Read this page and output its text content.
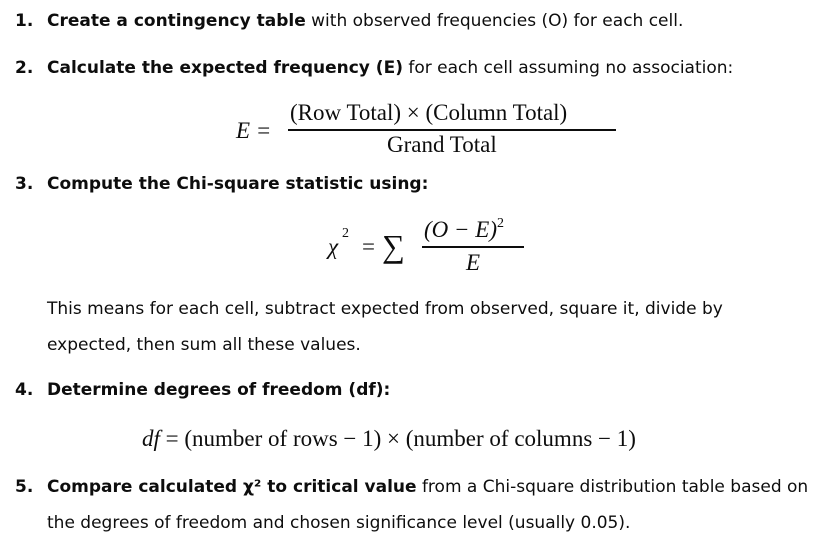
1. Create a contingency table with observed frequencies (O) for each cell.
2. Calculate the expected frequency (E) for each cell assuming no association:
E =
(Row Total) × (Column Total)
Grand Total
3. Compute the Chi-square statistic using:
χ
2
= ∑ $(O - E)^2$
E
This means for each cell, subtract expected from observed, square it, divide by
expected, then sum all these values.
4. Determine degrees of freedom (df):
df = (number of rows − 1) × (number of columns − 1)
5. Compare calculated χ² to critical value from a Chi-square distribution table based on
the degrees of freedom and chosen significance level (usually 0.05).
